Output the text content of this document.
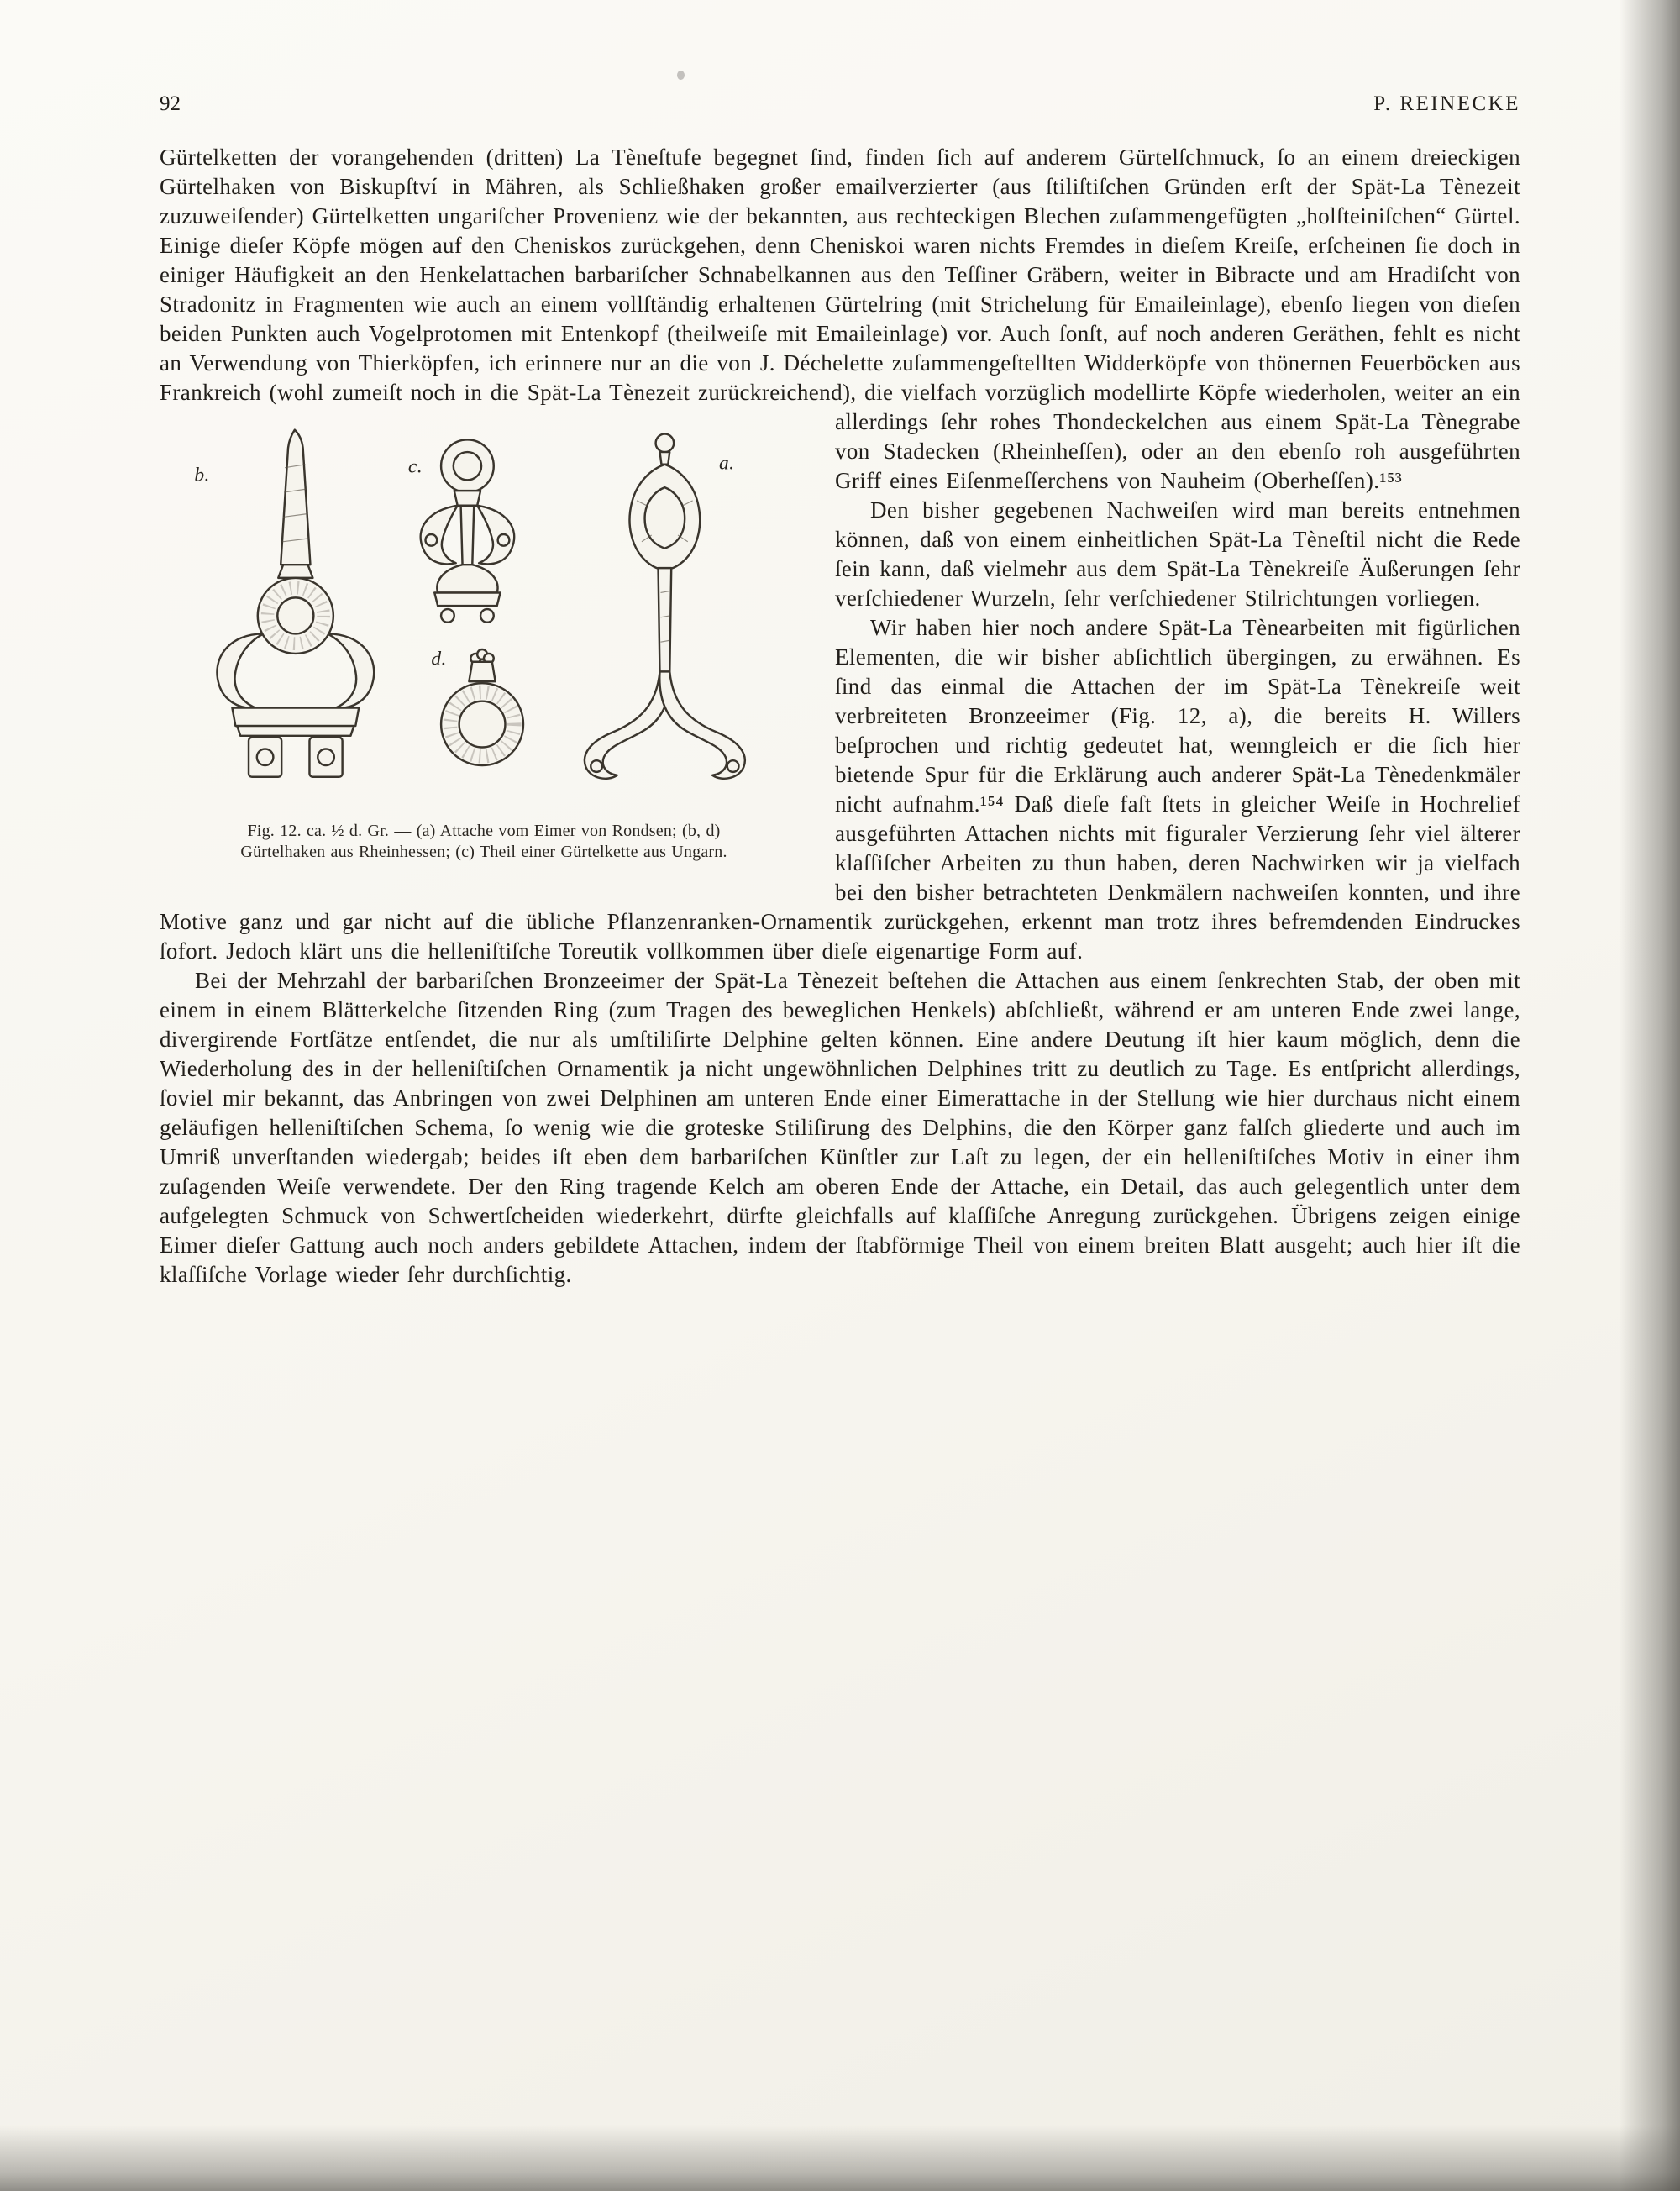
92	P. REINECKE

Gürtelketten der vorangehenden (dritten) La Tèneſtufe begegnet ſind, finden ſich auf anderem Gürtelſchmuck, ſo an einem dreieckigen Gürtelhaken von Biskupſtví in Mähren, als Schließhaken großer emailverzierter (aus ſtiliſtiſchen Gründen erſt der Spät-La Tènezeit zuzuweiſender) Gürtelketten ungariſcher Provenienz wie der bekannten, aus rechteckigen Blechen zuſammengefügten „holſteiniſchen“ Gürtel. Einige dieſer Köpfe mögen auf den Cheniskos zurückgehen, denn Cheniskoi waren nichts Fremdes in dieſem Kreiſe, erſcheinen ſie doch in einiger Häufigkeit an den Henkelattachen barbariſcher Schnabelkannen aus den Teſſiner Gräbern, weiter in Bibracte und am Hradiſcht von Stradonitz in Fragmenten wie auch an einem vollſtändig erhaltenen Gürtelring (mit Strichelung für Emaileinlage), ebenſo liegen von dieſen beiden Punkten auch Vogelprotomen mit Entenkopf (theilweiſe mit Emaileinlage) vor. Auch ſonſt, auf noch anderen Geräthen, fehlt es nicht an Verwendung von Thierköpfen, ich erinnere nur an die von J. Déchelette zuſammengeſtellten Widderköpfe von thönernen Feuerböcken aus Frankreich (wohl zumeiſt noch in die Spät-La Tènezeit zurückreichend), die vielfach vorzüglich modellirte Köpfe wiederholen, weiter an ein allerdings ſehr rohes
b.	c.
d.
a.
Fig. 12. ca. ½ d. Gr. — (a) Attache vom Eimer von Rondsen; (b, d) Gürtelhaken aus Rheinhessen; (c) Theil einer Gürtelkette aus Ungarn.
Thondeckelchen aus einem Spät-La Tènegrabe von Stadecken (Rheinheſſen), oder an den ebenſo roh ausgeführten Griff eines Eiſenmeſſerchens von Nauheim (Oberheſſen).¹⁵³

Den bisher gegebenen Nachweiſen wird man bereits entnehmen können, daß von einem einheitlichen Spät-La Tèneſtil nicht die Rede ſein kann, daß vielmehr aus dem Spät-La Tènekreiſe Äußerungen ſehr verſchiedener Wurzeln, ſehr verſchiedener Stilrichtungen vorliegen.

Wir haben hier noch andere Spät-La Tènearbeiten mit figürlichen Elementen, die wir bisher abſichtlich übergingen, zu erwähnen. Es ſind das einmal die Attachen der im Spät-La Tènekreiſe weit verbreiteten Bronzeeimer (Fig. 12, a), die bereits H. Willers beſprochen und richtig gedeutet hat, wenngleich er die ſich hier bietende Spur für die Erklärung auch anderer Spät-La Tènedenkmäler nicht aufnahm.¹⁵⁴ Daß dieſe faſt ſtets in gleicher Weiſe in Hochrelief ausgeführten Attachen nichts mit figuraler Verzierung ſehr viel älterer klaſſiſcher Arbeiten zu thun haben, deren Nachwirken wir ja vielfach bei den bisher betrachteten Denkmälern nachweiſen konnten, und ihre Motive ganz und gar nicht auf die übliche Pflanzenranken-Ornamentik zurückgehen, erkennt man trotz ihres befremdenden Eindruckes ſofort. Jedoch klärt uns die helleniſtiſche Toreutik vollkommen über dieſe eigenartige Form auf.

Bei der Mehrzahl der barbariſchen Bronzeeimer der Spät-La Tènezeit beſtehen die Attachen aus einem ſenkrechten Stab, der oben mit einem in einem Blätterkelche ſitzenden Ring (zum Tragen des beweglichen Henkels) abſchließt, während er am unteren Ende zwei lange, divergirende Fortſätze entſendet, die nur als umſtiliſirte Delphine gelten können. Eine andere Deutung iſt hier kaum möglich, denn die Wiederholung des in der helleniſtiſchen Ornamentik ja nicht ungewöhnlichen Delphines tritt zu deutlich zu Tage. Es entſpricht allerdings, ſoviel mir bekannt, das Anbringen von zwei Delphinen am unteren Ende einer Eimerattache in der Stellung wie hier durchaus nicht einem geläufigen helleniſtiſchen Schema, ſo wenig wie die groteske Stiliſirung des Delphins, die den Körper ganz falſch gliederte und auch im Umriß unverſtanden wiedergab; beides iſt eben dem barbariſchen Künſtler zur Laſt zu legen, der ein helleniſtiſches Motiv in einer ihm zuſagenden Weiſe verwendete. Der den Ring tragende Kelch am oberen Ende der Attache, ein Detail, das auch gelegentlich unter dem aufgelegten Schmuck von Schwertſcheiden wiederkehrt, dürfte gleichfalls auf klaſſiſche Anregung zurückgehen. Übrigens zeigen einige Eimer dieſer Gattung auch noch anders gebildete Attachen, indem der ſtabförmige Theil von einem breiten Blatt ausgeht; auch hier iſt die klaſſiſche Vorlage wieder ſehr durchſichtig.
